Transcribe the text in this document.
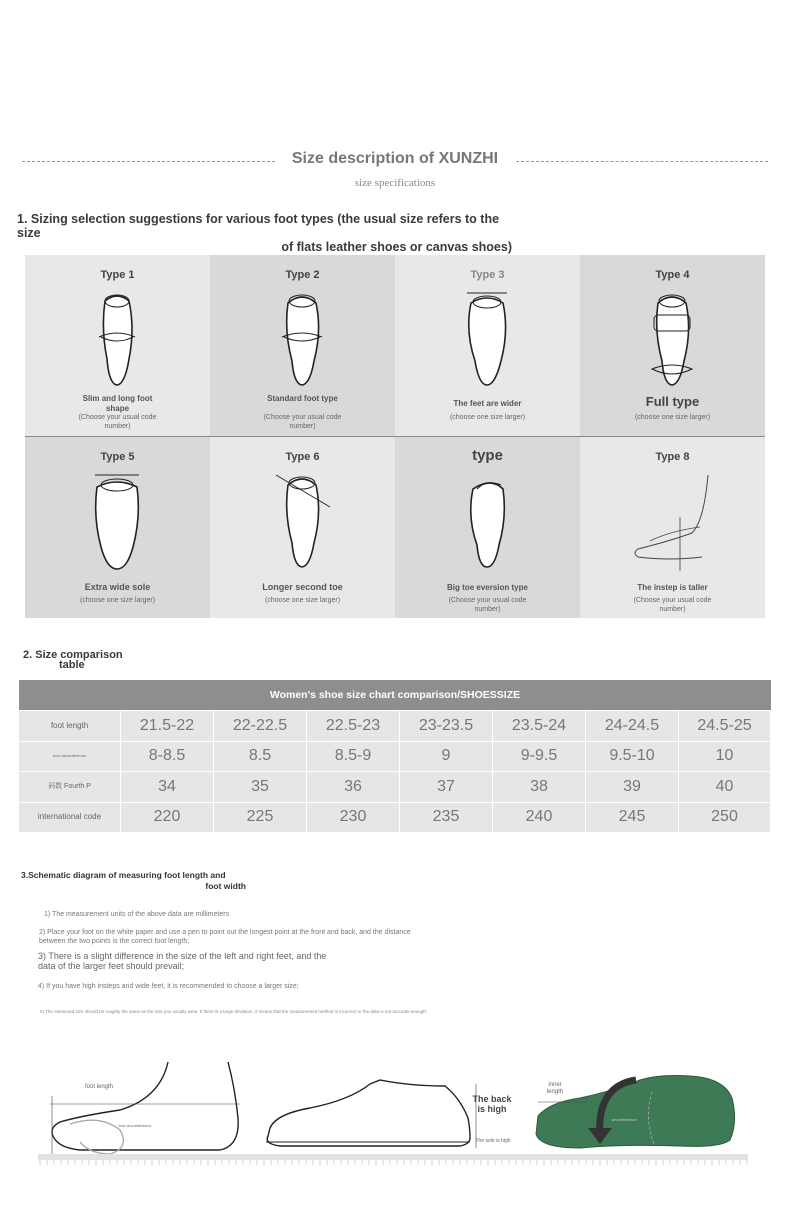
Size description of XUNZHI
size specifications
1. Sizing selection suggestions for various foot types (the usual size refers to the size
of flats leather shoes or canvas shoes)
Type 1
Slim and long foot shape
(Choose your usual code number)
Type 2
Standard foot type
(Choose your usual code number)
Type 3
The feet are wider
(choose one size larger)
Type 4
Full type
(choose one size larger)
Type 5
Extra wide sole
(choose one size larger)
Type 6
Longer second toe
(choose one size larger)
type
Big toe eversion type
(Choose your usual code number)
Type 8
The instep is taller
(Choose your usual code number)
2. Size comparison
table
Women's shoe size chart comparison/SHOESSIZE
foot length	21.5-22	22-22.5	22.5-23	23-23.5	23.5-24	24-24.5	24.5-25
foot circumference	8-8.5	8.5	8.5-9	9	9-9.5	9.5-10	10
码数 Fourth P	34	35	36	37	38	39	40
international code	220	225	230	235	240	245	250
3.Schematic diagram of measuring foot length and
foot width
1) The measurement units of the above data are millimeters
2) Place your foot on the white paper and use a pen to point out the longest point at the front and back, and the distance
between the two points is the correct foot length;
3) There is a slight difference in the size of the left and right feet, and the
data of the larger feet should prevail;
4) If you have high insteps and wide feet, it is recommended to choose a larger size;
5) The measured size should be roughly the same as the size you usually wear. If there is a large deviation, it means that the measurement method is incorrect or the data is not accurate enough;
foot length
foot circumference
The back is high
The sole is high
inner length
circumference
